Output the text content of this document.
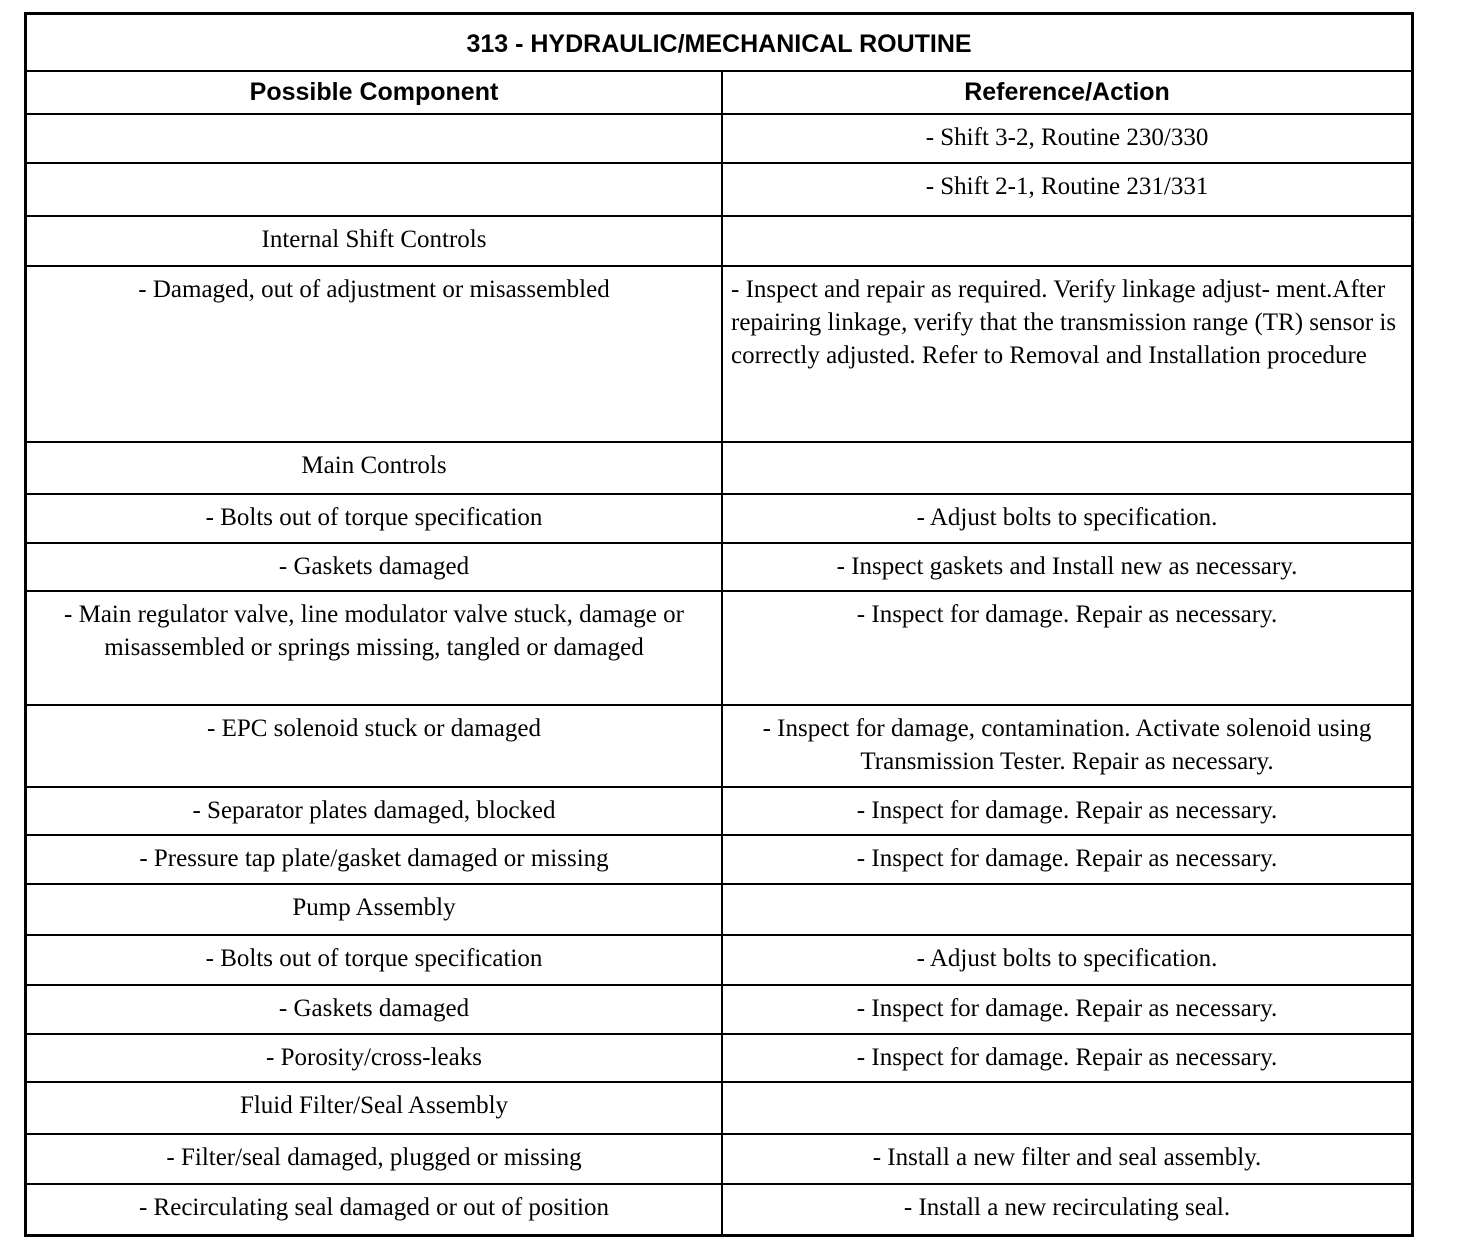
313 - HYDRAULIC/MECHANICAL ROUTINE	
Possible Component	Reference/Action
	- Shift 3-2, Routine 230/330
	- Shift 2-1, Routine 231/331
Internal Shift Controls	
- Damaged, out of adjustment or misassembled	- Inspect and repair as required. Verify linkage adjust- ment.After repairing linkage, verify that the transmission range (TR) sensor is correctly adjusted. Refer to Removal and Installation procedure
Main Controls	
- Bolts out of torque specification	- Adjust bolts to specification.
- Gaskets damaged	- Inspect gaskets and Install new as necessary.
- Main regulator valve, line modulator valve stuck, damage or misassembled or springs missing, tangled or damaged	- Inspect for damage. Repair as necessary.
- EPC solenoid stuck or damaged	- Inspect for damage, contamination. Activate solenoid using Transmission Tester. Repair as necessary.
- Separator plates damaged, blocked	- Inspect for damage. Repair as necessary.
- Pressure tap plate/gasket damaged or missing	- Inspect for damage. Repair as necessary.
Pump Assembly	
- Bolts out of torque specification	- Adjust bolts to specification.
- Gaskets damaged	- Inspect for damage. Repair as necessary.
- Porosity/cross-leaks	- Inspect for damage. Repair as necessary.
Fluid Filter/Seal Assembly	
- Filter/seal damaged, plugged or missing	- Install a new filter and seal assembly.
- Recirculating seal damaged or out of position	- Install a new recirculating seal.
